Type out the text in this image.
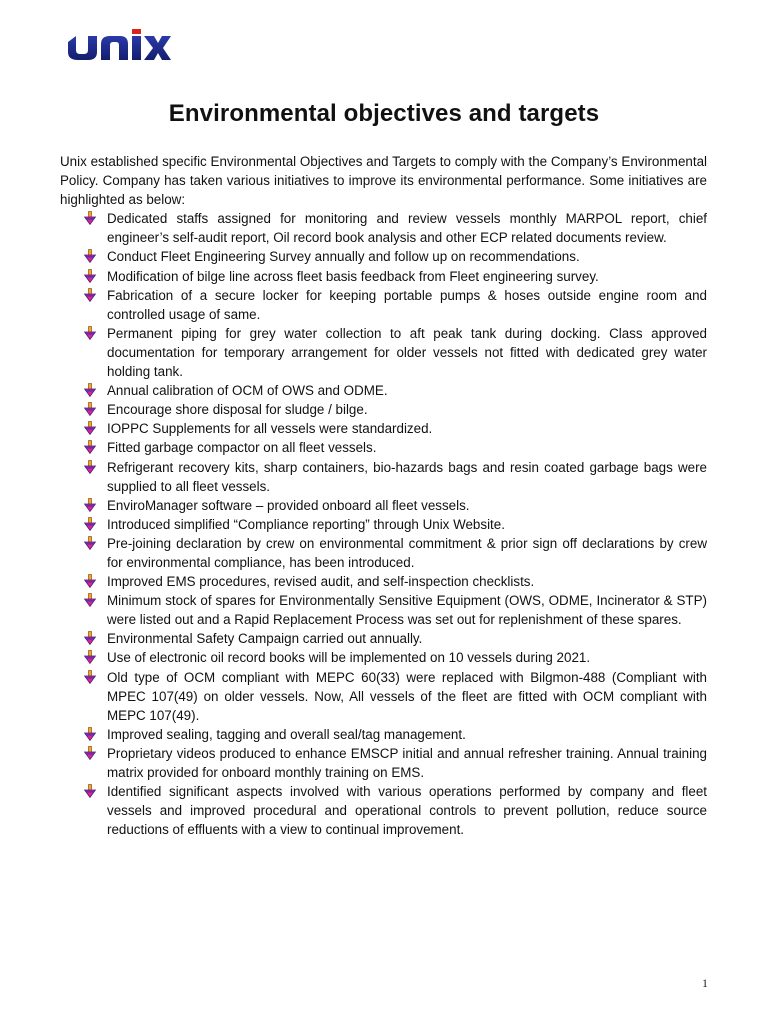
Environmental objectives and targets

Unix established specific Environmental Objectives and Targets to comply with the Company’s Environmental Policy. Company has taken various initiatives to improve its environmental performance. Some initiatives are highlighted as below:

Dedicated staffs assigned for monitoring and review vessels monthly MARPOL report, chief engineer’s self-audit report, Oil record book analysis and other ECP related documents review.
Conduct Fleet Engineering Survey annually and follow up on recommendations.
Modification of bilge line across fleet basis feedback from Fleet engineering survey.
Fabrication of a secure locker for keeping portable pumps & hoses outside engine room and controlled usage of same.
Permanent piping for grey water collection to aft peak tank during docking. Class approved documentation for temporary arrangement for older vessels not fitted with dedicated grey water holding tank.
Annual calibration of OCM of OWS and ODME.
Encourage shore disposal for sludge / bilge.
IOPPC Supplements for all vessels were standardized.
Fitted garbage compactor on all fleet vessels.
Refrigerant recovery kits, sharp containers, bio-hazards bags and resin coated garbage bags were supplied to all fleet vessels.
EnviroManager software – provided onboard all fleet vessels.
Introduced simplified “Compliance reporting” through Unix Website.
Pre-joining declaration by crew on environmental commitment & prior sign off declarations by crew for environmental compliance, has been introduced.
Improved EMS procedures, revised audit, and self-inspection checklists.
Minimum stock of spares for Environmentally Sensitive Equipment (OWS, ODME, Incinerator & STP) were listed out and a Rapid Replacement Process was set out for replenishment of these spares.
Environmental Safety Campaign carried out annually.
Use of electronic oil record books will be implemented on 10 vessels during 2021.
Old type of OCM compliant with MEPC 60(33) were replaced with Bilgmon-488 (Compliant with MPEC 107(49) on older vessels. Now, All vessels of the fleet are fitted with OCM compliant with MEPC 107(49).
Improved sealing, tagging and overall seal/tag management.
Proprietary videos produced to enhance EMSCP initial and annual refresher training. Annual training matrix provided for onboard monthly training on EMS.
Identified significant aspects involved with various operations performed by company and fleet vessels and improved procedural and operational controls to prevent pollution, reduce source reductions of effluents with a view to continual improvement.
1
